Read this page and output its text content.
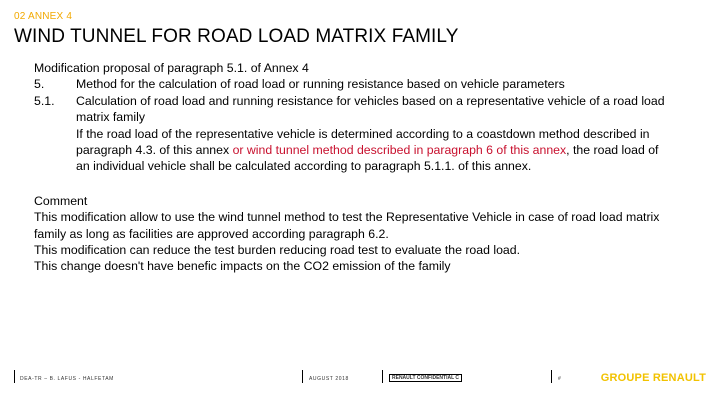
02 ANNEX 4
WIND TUNNEL FOR ROAD LOAD MATRIX FAMILY
Modification proposal of paragraph 5.1. of Annex 4
5.	Method for the calculation of road load or running resistance based on vehicle parameters
5.1.	Calculation of road load and running resistance for vehicles based on a representative vehicle of a road load matrix family
If the road load of the representative vehicle is determined according to a coastdown method described in paragraph 4.3. of this annex or wind tunnel method described in paragraph 6 of this annex, the road load of an individual vehicle shall be calculated according to paragraph 5.1.1. of this annex.
Comment
This modification allow to use the wind tunnel method to test the Representative Vehicle in case of road load matrix family as long as facilities are approved according paragraph 6.2.
This modification can reduce the test burden reducing road test to evaluate the road load.
This change doesn't have benefic impacts on the CO2 emission of the family
DEA-TR – B. LAFUS - HALFETAM	AUGUST 2018	RENAULT CONFIDENTIAL C	#	GROUPE RENAULT
